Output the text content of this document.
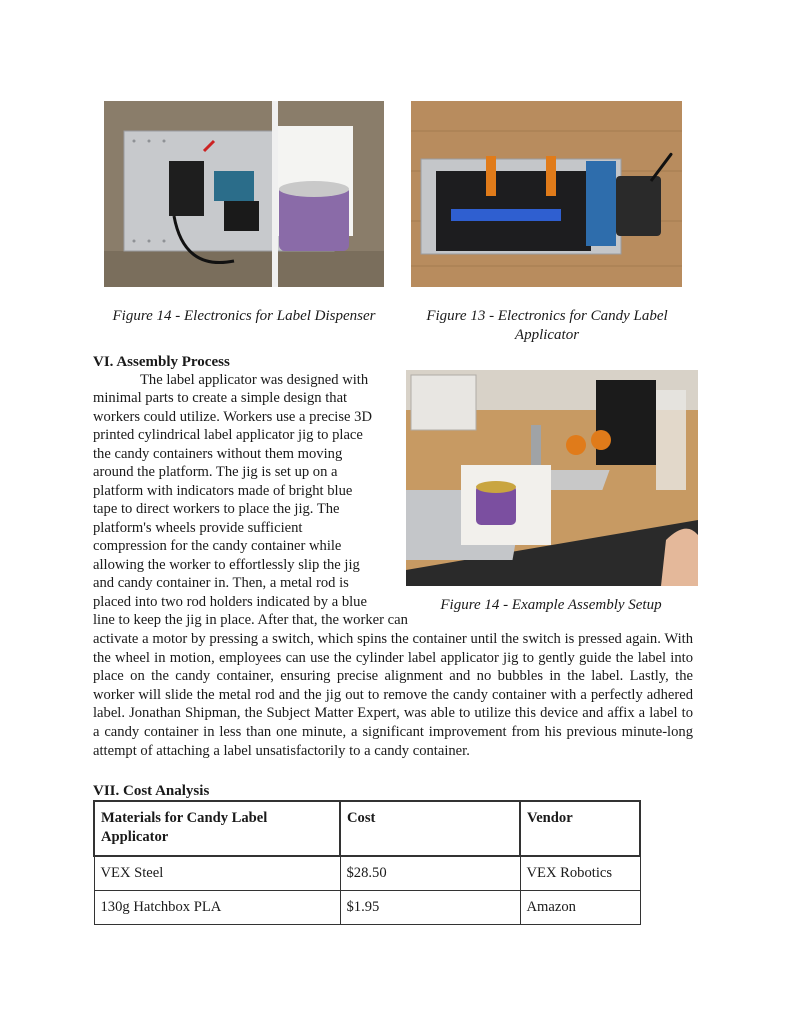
Figure 14 - Electronics for Label Dispenser	Figure 13 - Electronics for Candy Label
Applicator
VI. Assembly Process
The label applicator was designed with
minimal parts to create a simple design that
workers could utilize. Workers use a precise 3D
printed cylindrical label applicator jig to place
the candy containers without them moving
around the platform. The jig is set up on a
platform with indicators made of bright blue
tape to direct workers to place the jig. The
platform's wheels provide sufficient
compression for the candy container while
allowing the worker to effortlessly slip the jig
and candy container in. Then, a metal rod is
placed into two rod holders indicated by a blue
line to keep the jig in place. After that, the worker can
Figure 14 - Example Assembly Setup
activate a motor by pressing a switch, which spins the container until the switch is pressed again. With the wheel in motion, employees can use the cylinder label applicator jig to gently guide the label into place on the candy container, ensuring precise alignment and no bubbles in the label. Lastly, the worker will slide the metal rod and the jig out to remove the candy container with a perfectly adhered label. Jonathan Shipman, the Subject Matter Expert, was able to utilize this device and affix a label to a candy container in less than one minute, a significant improvement from his previous minute-long attempt of attaching a label unsatisfactorily to a candy container.
VII. Cost Analysis
Materials for Candy Label Applicator	Cost	Vendor
VEX Steel	$28.50	VEX Robotics
130g Hatchbox PLA	$1.95	Amazon
